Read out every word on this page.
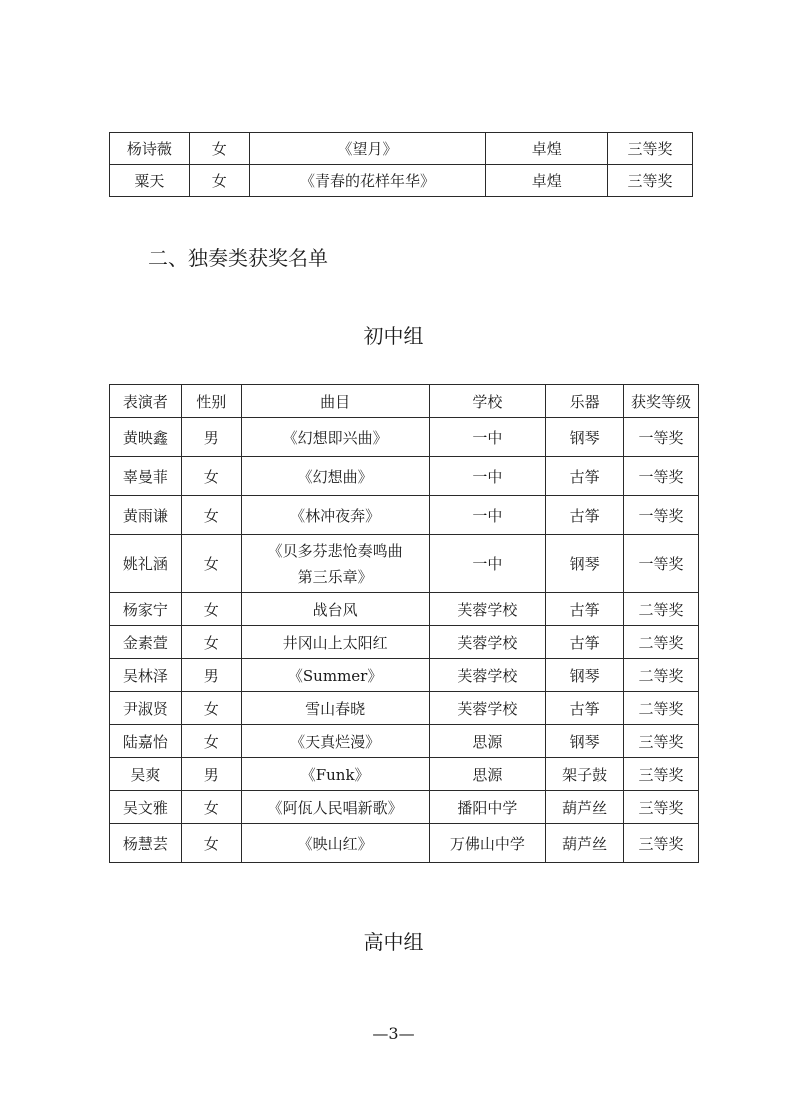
杨诗薇	女	《望月》	卓煌	三等奖
粟天	女	《青春的花样年华》	卓煌	三等奖
二、独奏类获奖名单
初中组
表演者	性别	曲目	学校	乐器	获奖等级
黄映鑫	男	《幻想即兴曲》	一中	钢琴	一等奖
辜曼菲	女	《幻想曲》	一中	古筝	一等奖
黄雨谦	女	《林冲夜奔》	一中	古筝	一等奖
姚礼涵	女	《贝多芬悲怆奏鸣曲
第三乐章》	一中	钢琴	一等奖
杨家宁	女	战台风	芙蓉学校	古筝	二等奖
金素萱	女	井冈山上太阳红	芙蓉学校	古筝	二等奖
吴林泽	男	《Summer》	芙蓉学校	钢琴	二等奖
尹淑贤	女	雪山春晓	芙蓉学校	古筝	二等奖
陆嘉怡	女	《天真烂漫》	思源	钢琴	三等奖
吴爽	男	《Funk》	思源	架子鼓	三等奖
吴文雅	女	《阿佤人民唱新歌》	播阳中学	葫芦丝	三等奖
杨慧芸	女	《映山红》	万佛山中学	葫芦丝	三等奖
高中组
—3—
